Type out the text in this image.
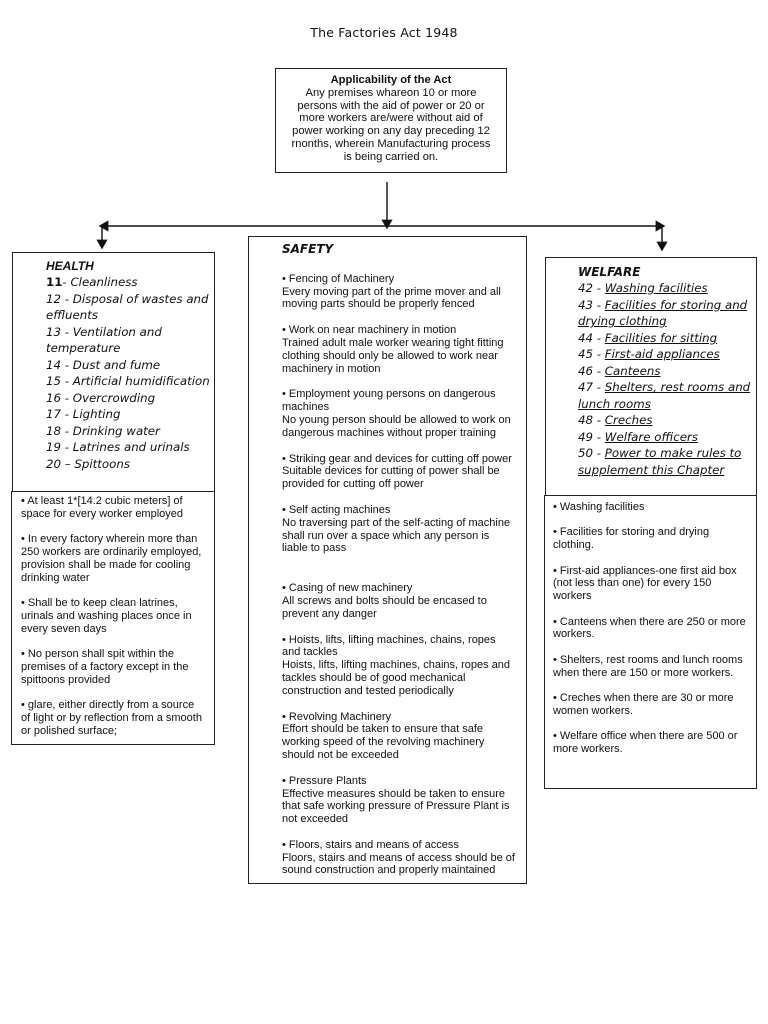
The Factories Act 1948
Applicability of the Act
Any premises whareon 10 or more persons with the aid of power or 20 or more workers are/were without aid of power working on any day preceding 12 rnonths, wherein Manufacturing process is being carried on.
HEALTH
11- Cleanliness
12 - Disposal of wastes and effluents
13 - Ventilation and temperature
14 - Dust and fume
15 - Artificial humidification
16 - Overcrowding
17 - Lighting
18 - Drinking water
19 - Latrines and urinals
20 – Spittoons

• At least 1*[14.2 cubic meters] of space for every worker employed

• In every factory wherein more than 250 workers are ordinarily employed, provision shall be made for cooling drinking water

• Shall be to keep clean latrines, urinals and washing places once in every seven days

• No person shall spit within the premises of a factory except in the spittoons provided

• glare, either directly from a source of light or by reflection from a smooth or polished surface;

SAFETY
• Fencing of Machinery
Every moving part of the prime mover and all moving parts should be properly fenced
• Work on near machinery in motion
Trained adult male worker wearing tight fitting clothing should only be allowed to work near machinery in motion
• Employment young persons on dangerous machines
No young person should be allowed to work on dangerous machines without proper training
• Striking gear and devices for cutting off power
Suitable devices for cutting of power shall be provided for cutting off power
• Self acting machines
No traversing part of the self-acting of machine shall run over a space which any person is liable to pass
• Casing of new machinery
All screws and bolts should be encased to prevent any danger
• Hoists, lifts, lifting machines, chains, ropes and tackles
Hoists, lifts, lifting machines, chains, ropes and tackles should be of good mechanical construction and tested periodically
• Revolving Machinery
Effort should be taken to ensure that safe working speed of the revolving machinery should not be exceeded
• Pressure Plants
Effective measures should be taken to ensure that safe working pressure of Pressure Plant is not exceeded
• Floors, stairs and means of access
Floors, stairs and means of access should be of sound construction and properly maintained
WELFARE
42 - Washing facilities
43 - Facilities for storing and drying clothing
44 - Facilities for sitting
45 - First-aid appliances
46 - Canteens
47 - Shelters, rest rooms and lunch rooms
48 - Creches
49 - Welfare officers
50 - Power to make rules to supplement this Chapter

• Washing facilities

• Facilities for storing and drying clothing.

• First-aid appliances-one first aid box (not less than one) for every 150 workers

• Canteens when there are 250 or more workers.

• Shelters, rest rooms and lunch rooms when there are 150 or more workers.

• Creches when there are 30 or more women workers.

• Welfare office when there are 500 or more workers.
